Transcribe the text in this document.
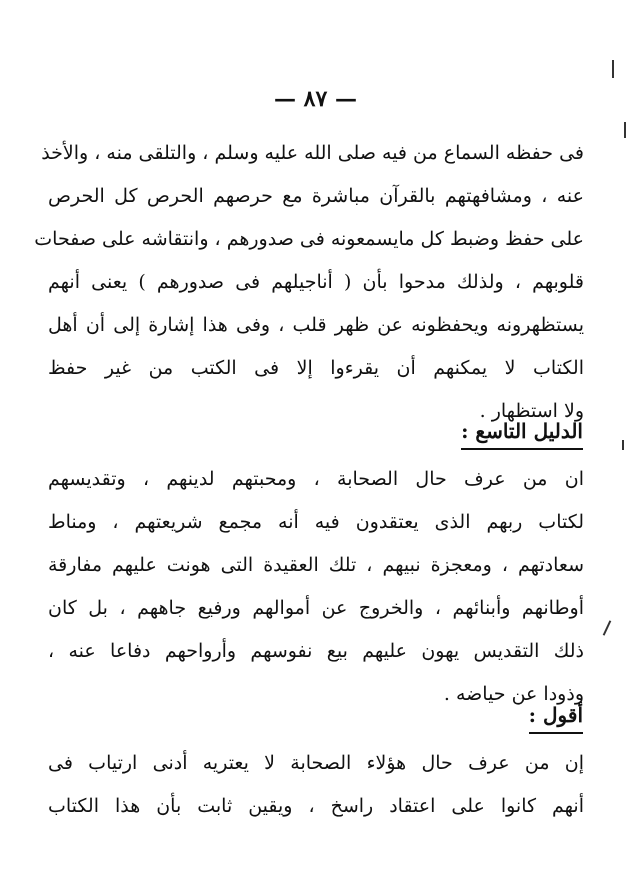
— ٨٧ —
فى حفظه السماع من فيه صلى الله عليه وسلم ، والتلقى منه ، والأخذ
عنه ، ومشافهتهم بالقرآن مباشرة مع حرصهم الحرص كل الحرص
على حفظ وضبط كل مايسمعونه فى صدورهم ، وانتقاشه على صفحات
قلوبهم ، ولذلك مدحوا بأن ( أناجيلهم فى صدورهم ) يعنى أنهم
يستظهرونه ويحفظونه عن ظهر قلب ، وفى هذا إشارة إلى أن أهل
الكتاب لا يمكنهم أن يقرءوا إلا فى الكتب من غير حفظ
ولا استظهار .
الدليل التاسع :
ان من عرف حال الصحابة ، ومحبتهم لدينهم ، وتقديسهم
لكتاب ربهم الذى يعتقدون فيه أنه مجمع شريعتهم ، ومناط
سعادتهم ، ومعجزة نبيهم ، تلك العقيدة التى هونت عليهم مفارقة
أوطانهم وأبنائهم ، والخروج عن أموالهم ورفيع جاههم ، بل كان
ذلك التقديس يهون عليهم بيع نفوسهم وأرواحهم دفاعا عنه ،
وذودا عن حياضه .
أقول :
إن من عرف حال هؤلاء الصحابة لا يعتريه أدنى ارتياب فى
أنهم كانوا على اعتقاد راسخ ، ويقين ثابت بأن هذا الكتاب
